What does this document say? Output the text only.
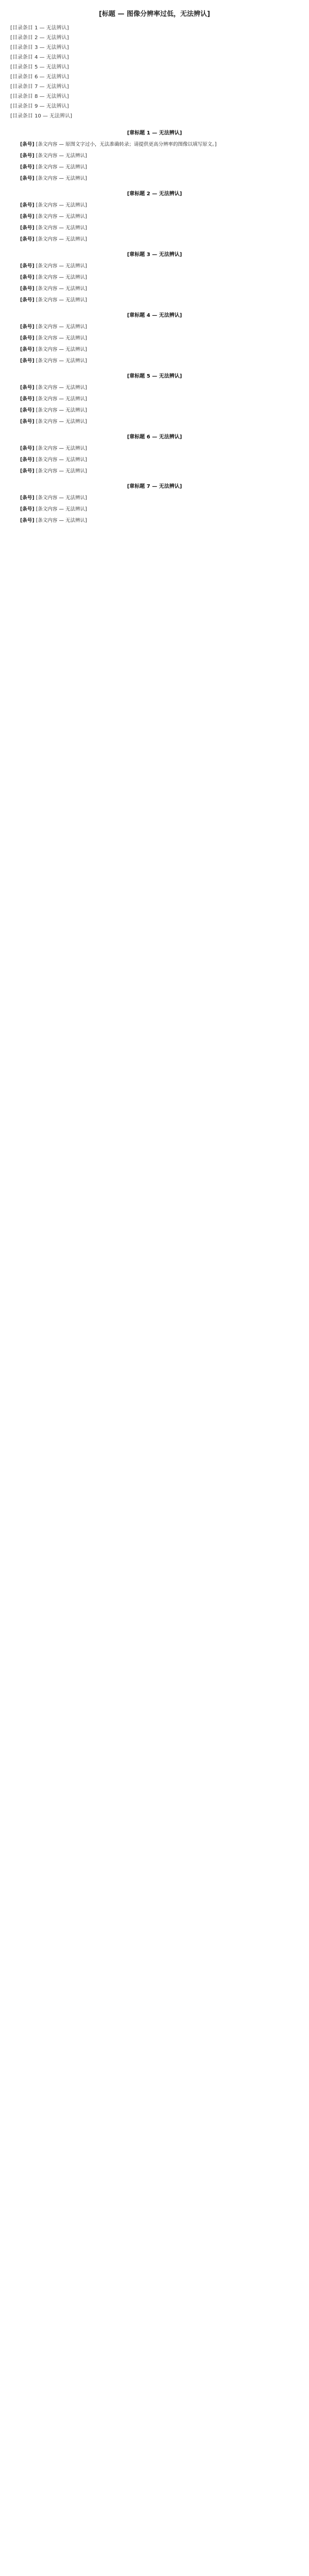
[标题 — 图像分辨率过低，无法辨认]
[目录条目 1 — 无法辨认]
[目录条目 2 — 无法辨认]
[目录条目 3 — 无法辨认]
[目录条目 4 — 无法辨认]
[目录条目 5 — 无法辨认]
[目录条目 6 — 无法辨认]
[目录条目 7 — 无法辨认]
[目录条目 8 — 无法辨认]
[目录条目 9 — 无法辨认]
[目录条目 10 — 无法辨认]
[章标题 1 — 无法辨认]

[条号] [条文内容 — 原图文字过小，无法准确转录；请提供更高分辨率的图像以填写原文。]

[条号] [条文内容 — 无法辨认]

[条号] [条文内容 — 无法辨认]

[条号] [条文内容 — 无法辨认]

[章标题 2 — 无法辨认]

[条号] [条文内容 — 无法辨认]

[条号] [条文内容 — 无法辨认]

[条号] [条文内容 — 无法辨认]

[条号] [条文内容 — 无法辨认]

[章标题 3 — 无法辨认]

[条号] [条文内容 — 无法辨认]

[条号] [条文内容 — 无法辨认]

[条号] [条文内容 — 无法辨认]

[条号] [条文内容 — 无法辨认]

[章标题 4 — 无法辨认]

[条号] [条文内容 — 无法辨认]

[条号] [条文内容 — 无法辨认]

[条号] [条文内容 — 无法辨认]

[条号] [条文内容 — 无法辨认]

[章标题 5 — 无法辨认]

[条号] [条文内容 — 无法辨认]

[条号] [条文内容 — 无法辨认]

[条号] [条文内容 — 无法辨认]

[条号] [条文内容 — 无法辨认]

[章标题 6 — 无法辨认]

[条号] [条文内容 — 无法辨认]

[条号] [条文内容 — 无法辨认]

[条号] [条文内容 — 无法辨认]

[章标题 7 — 无法辨认]

[条号] [条文内容 — 无法辨认]

[条号] [条文内容 — 无法辨认]

[条号] [条文内容 — 无法辨认]
